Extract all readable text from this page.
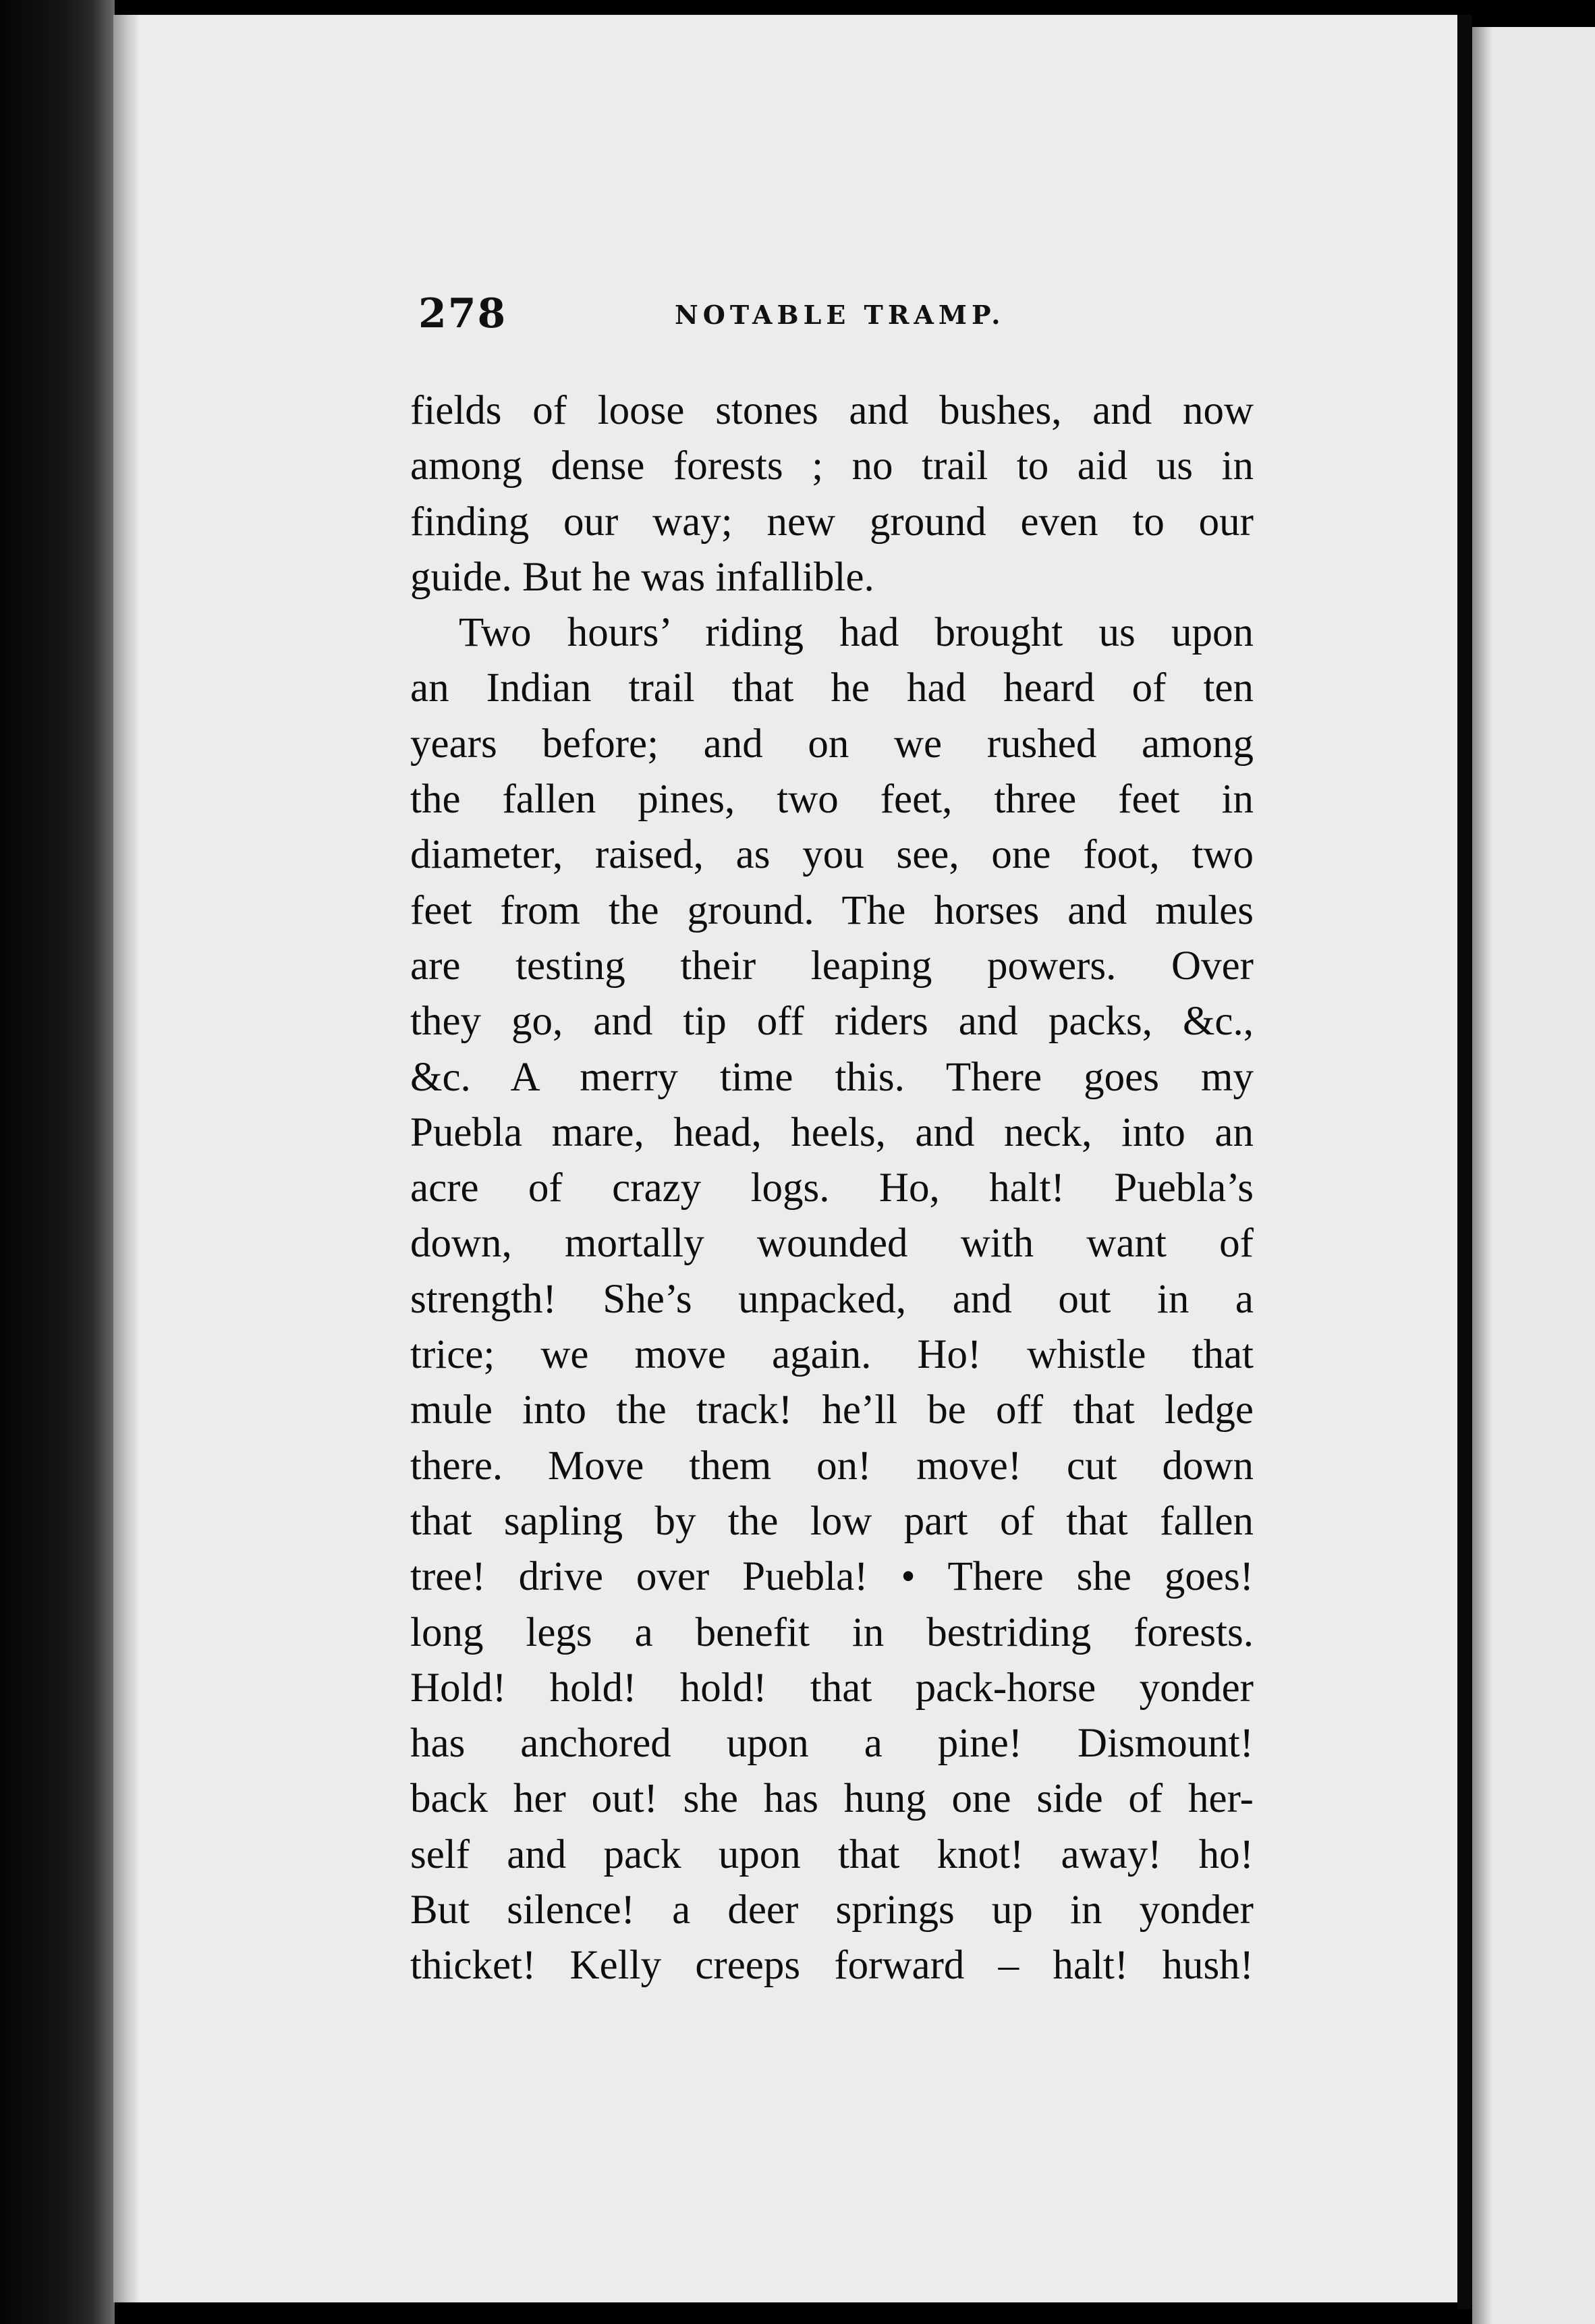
278	NOTABLE TRAMP.
fields of loose stones and bushes, and now
among dense forests ; no trail to aid us in
finding our way; new ground even to our
guide. But he was infallible.
Two hours’ riding had brought us upon
an Indian trail that he had heard of ten
years before; and on we rushed among
the fallen pines, two feet, three feet in
diameter, raised, as you see, one foot, two
feet from the ground. The horses and mules
are testing their leaping powers. Over
they go, and tip off riders and packs, &c.,
&c. A merry time this. There goes my
Puebla mare, head, heels, and neck, into an
acre of crazy logs. Ho, halt! Puebla’s
down, mortally wounded with want of
strength! She’s unpacked, and out in a
trice; we move again. Ho! whistle that
mule into the track! he’ll be off that ledge
there. Move them on! move! cut down
that sapling by the low part of that fallen
tree! drive over Puebla! • There she goes!
long legs a benefit in bestriding forests.
Hold! hold! hold! that pack-horse yonder
has anchored upon a pine! Dismount!
back her out! she has hung one side of her-
self and pack upon that knot! away! ho!
But silence! a deer springs up in yonder
thicket! Kelly creeps forward – halt! hush!
